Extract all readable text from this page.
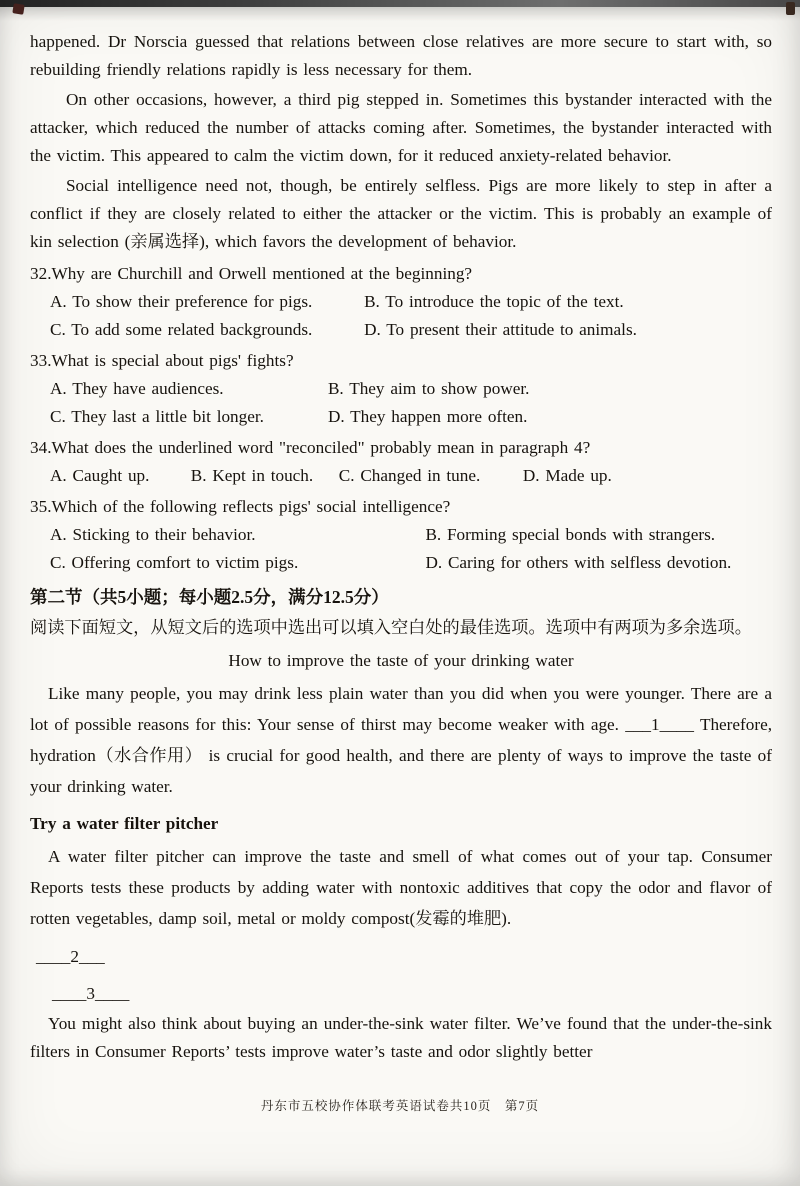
happened. Dr Norscia guessed that relations between close relatives are more secure to start with, so rebuilding friendly relations rapidly is less necessary for them.

On other occasions, however, a third pig stepped in. Sometimes this bystander interacted with the attacker, which reduced the number of attacks coming after. Sometimes, the bystander interacted with the victim. This appeared to calm the victim down, for it reduced anxiety-related behavior.

Social intelligence need not, though, be entirely selfless. Pigs are more likely to step in after a conflict if they are closely related to either the attacker or the victim. This is probably an example of kin selection (亲属选择), which favors the development of behavior.

32.Why are Churchill and Orwell mentioned at the beginning?

A. To show their preference for pigs.	B. To introduce the topic of the text.
C. To add some related backgrounds.	D. To present their attitude to animals.

33.What is special about pigs' fights?

A. They have audiences.	B. They aim to show power.
C. They last a little bit longer.	D. They happen more often.

34.What does the underlined word "reconciled" probably mean in paragraph 4?

A. Caught up.	B. Kept in touch.	C. Changed in tune.	D. Made up.

35.Which of the following reflects pigs' social intelligence?

A. Sticking to their behavior.	B. Forming special bonds with strangers.
C. Offering comfort to victim pigs.	D. Caring for others with selfless devotion.

第二节（共5小题；每小题2.5分，满分12.5分）

阅读下面短文，从短文后的选项中选出可以填入空白处的最佳选项。选项中有两项为多余选项。

How to improve the taste of your drinking water

Like many people, you may drink less plain water than you did when you were younger. There are a lot of possible reasons for this: Your sense of thirst may become weaker with age. ___1____ Therefore, hydration（水合作用） is crucial for good health, and there are plenty of ways to improve the taste of your drinking water.

Try a water filter pitcher

A water filter pitcher can improve the taste and smell of what comes out of your tap. Consumer Reports tests these products by adding water with nontoxic additives that copy the odor and flavor of rotten vegetables, damp soil, metal or moldy compost(发霉的堆肥).

____2___

____3____

You might also think about buying an under-the-sink water filter. We’ve found that the under-the-sink filters in Consumer Reports’ tests improve water’s taste and odor slightly better

丹东市五校协作体联考英语试卷共10页　第7页
